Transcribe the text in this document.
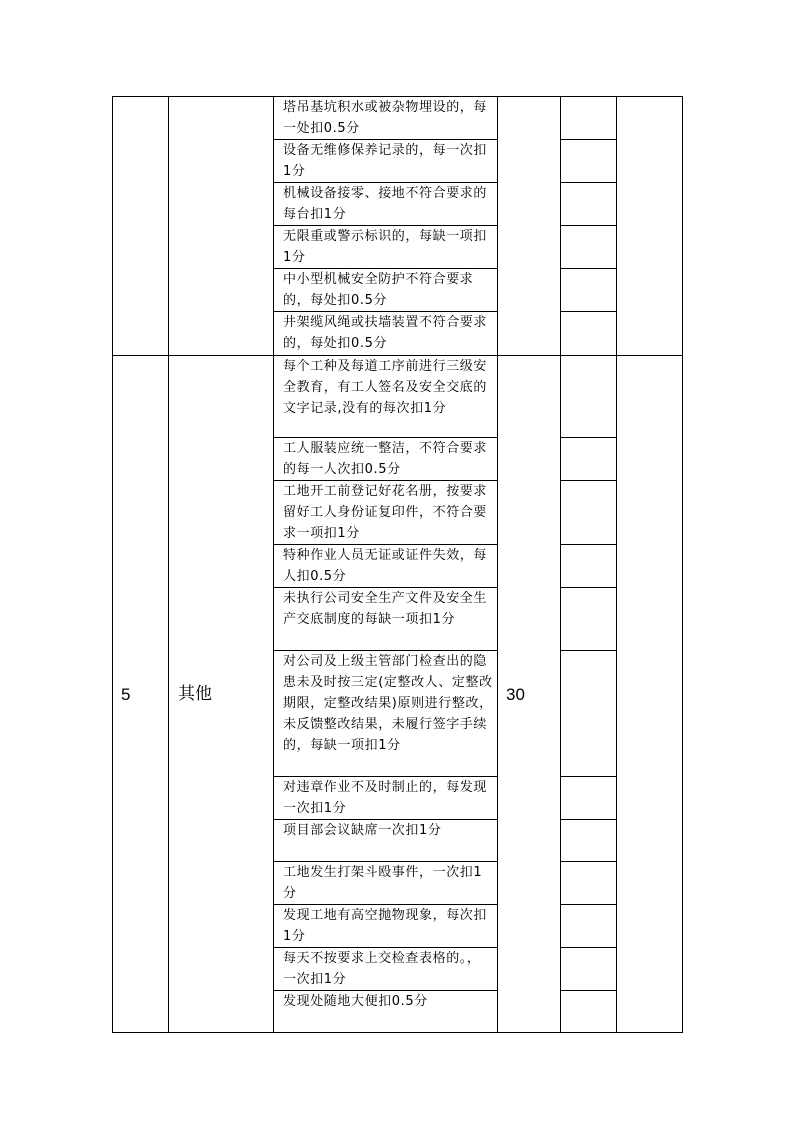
		塔吊基坑积水或被杂物埋设的，每一处扣0.5分			
		设备无维修保养记录的，每一次扣1分			
		机械设备接零、接地不符合要求的每台扣1分			
		无限重或警示标识的，每缺一项扣1分			
		中小型机械安全防护不符合要求的，每处扣0.5分			
		井架缆风绳或扶墙装置不符合要求的，每处扣0.5分			
5	其他	每个工种及每道工序前进行三级安全教育，有工人签名及安全交底的文字记录,没有的每次扣1分	30		
		工人服装应统一整洁，不符合要求的每一人次扣0.5分			
		工地开工前登记好花名册，按要求留好工人身份证复印件，不符合要求一项扣1分			
		特种作业人员无证或证件失效，每人扣0.5分			
		未执行公司安全生产文件及安全生产交底制度的每缺一项扣1分			
		对公司及上级主管部门检查出的隐患未及时按三定(定整改人、定整改期限，定整改结果)原则进行整改，未反馈整改结果，未履行签字手续的，每缺一项扣1分			
		对违章作业不及时制止的，每发现一次扣1分			
		项目部会议缺席一次扣1分			
		工地发生打架斗殴事件，一次扣1分			
		发现工地有高空抛物现象，每次扣1分			
		每天不按要求上交检查表格的。，一次扣1分			
		发现处随地大便扣0.5分			
